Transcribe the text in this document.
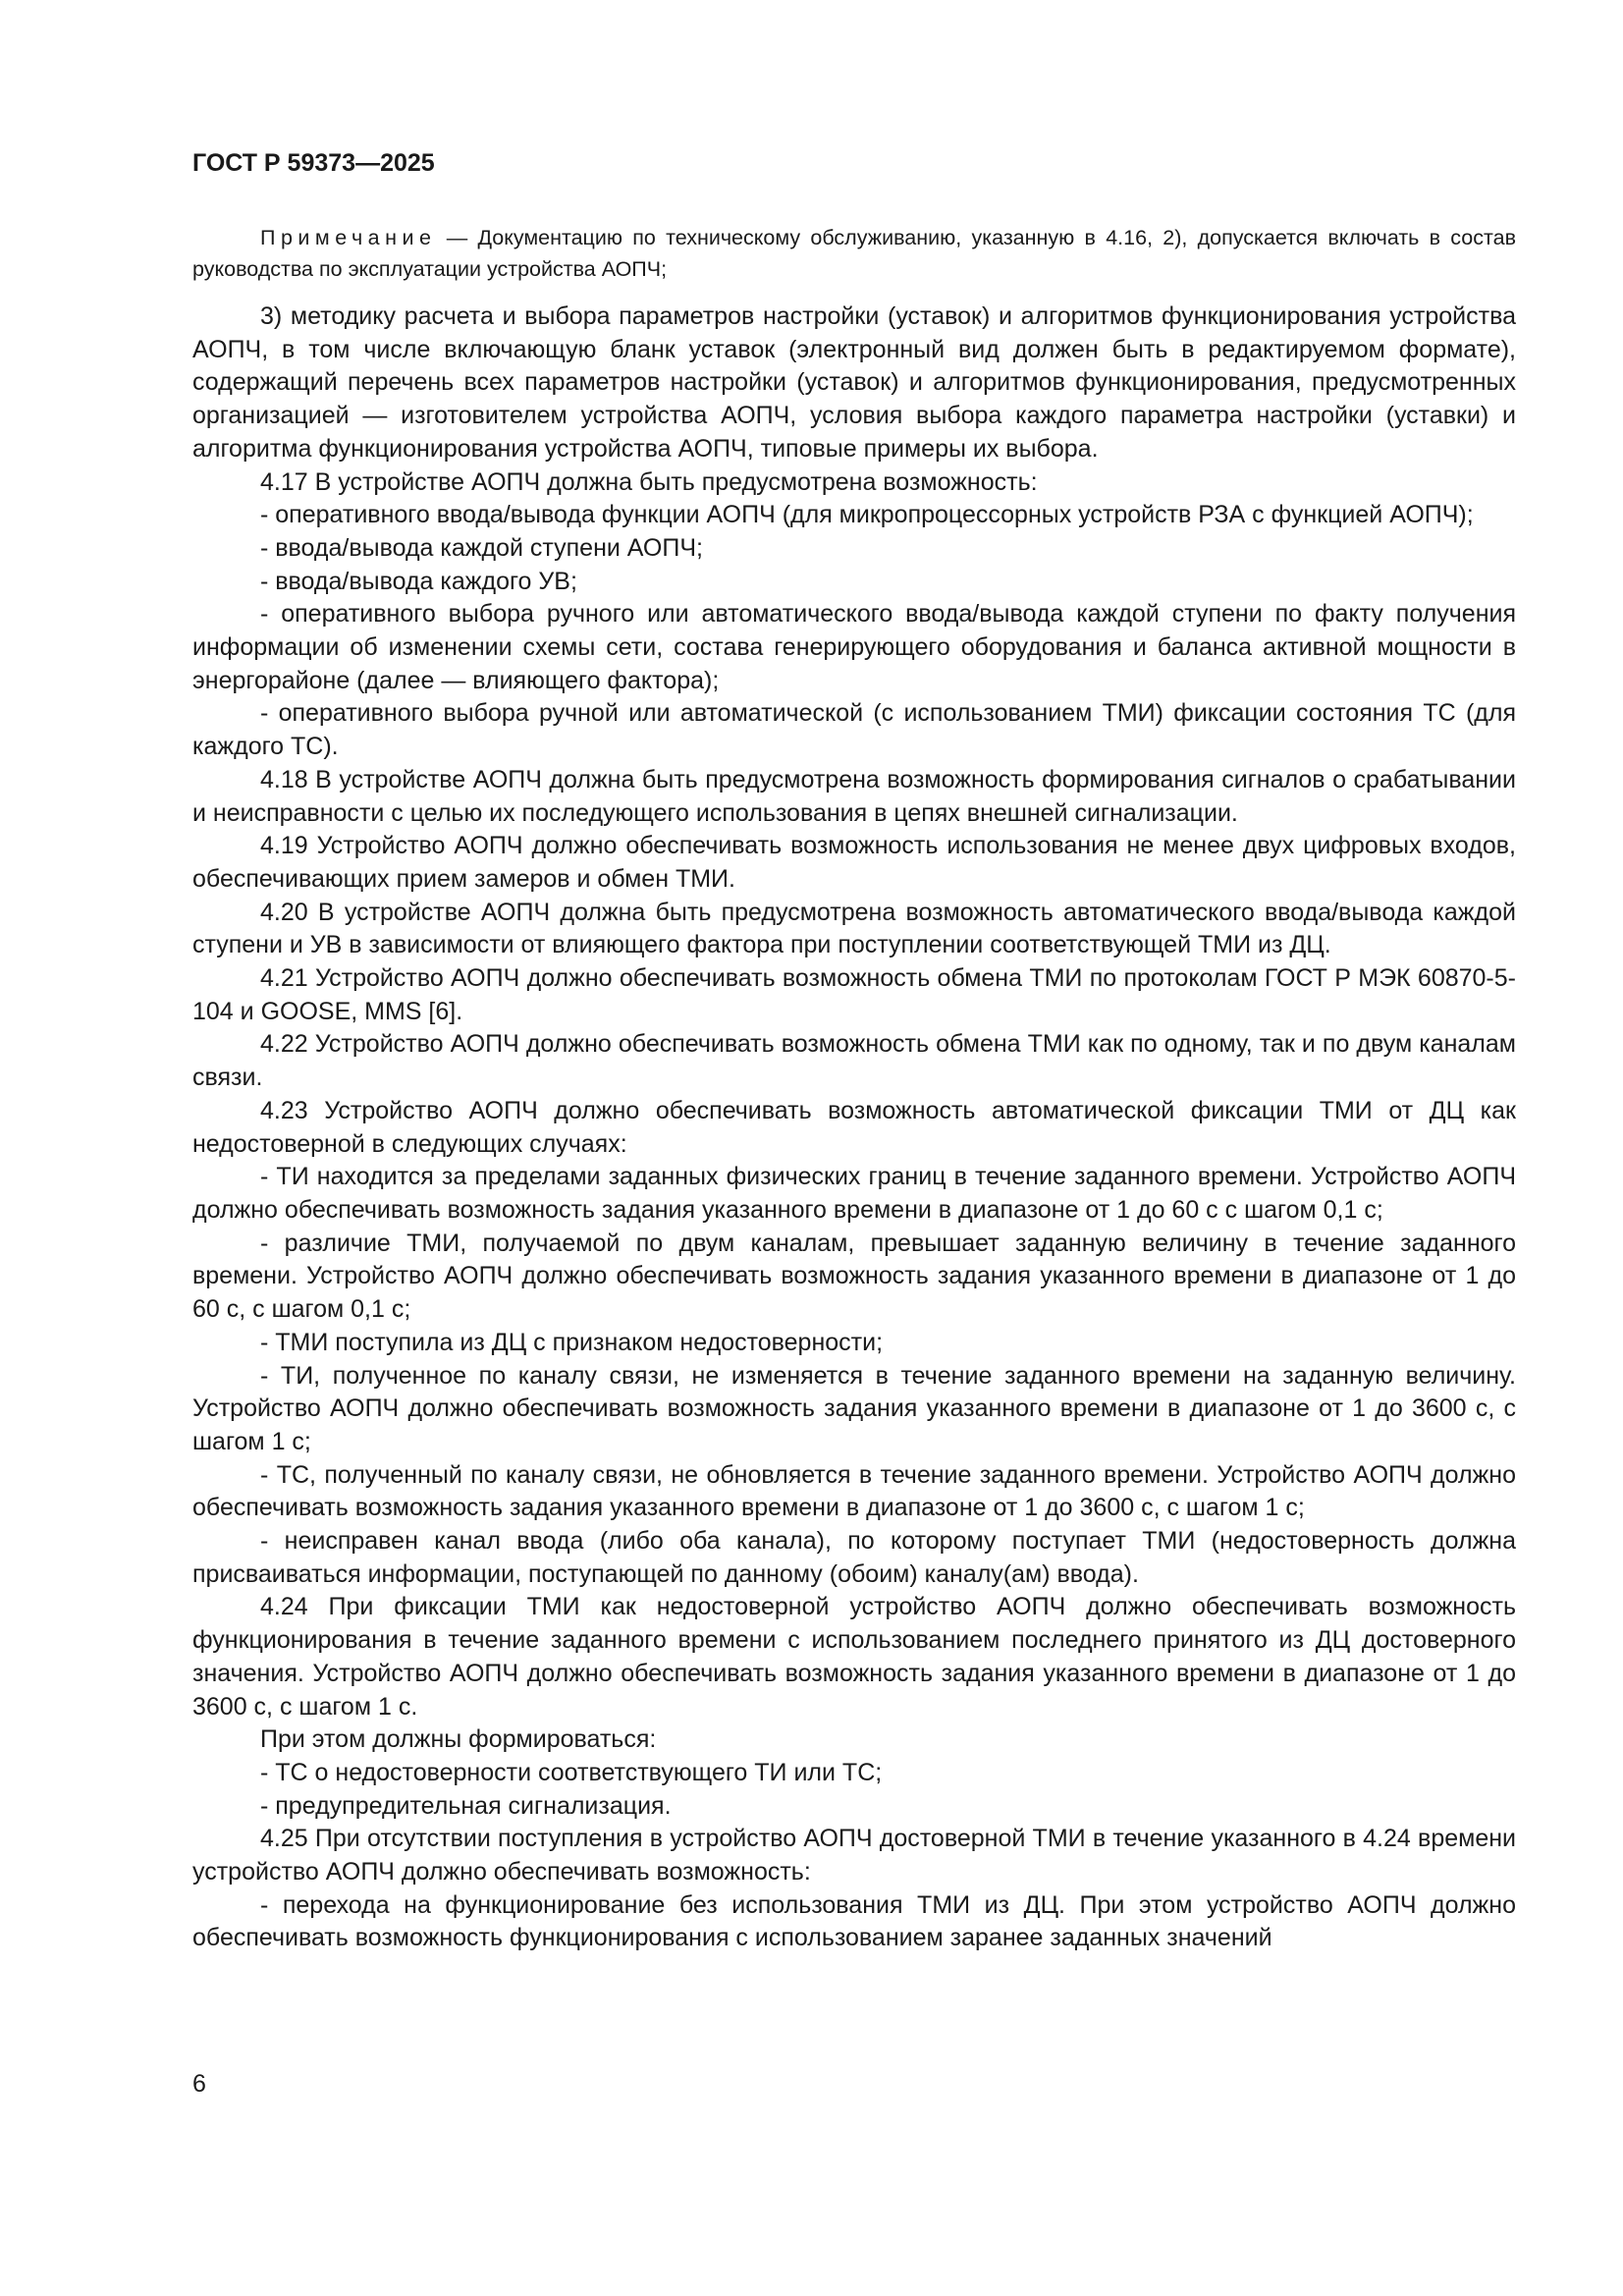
ГОСТ Р 59373—2025

Примечание — Документацию по техническому обслуживанию, указанную в 4.16, 2), допускается включать в состав руководства по эксплуатации устройства АОПЧ;

3) методику расчета и выбора параметров настройки (уставок) и алгоритмов функционирования устройства АОПЧ, в том числе включающую бланк уставок (электронный вид должен быть в редактируемом формате), содержащий перечень всех параметров настройки (уставок) и алгоритмов функционирования, предусмотренных организацией — изготовителем устройства АОПЧ, условия выбора каждого параметра настройки (уставки) и алгоритма функционирования устройства АОПЧ, типовые примеры их выбора.

4.17 В устройстве АОПЧ должна быть предусмотрена возможность:

- оперативного ввода/вывода функции АОПЧ (для микропроцессорных устройств РЗА с функцией АОПЧ);

- ввода/вывода каждой ступени АОПЧ;

- ввода/вывода каждого УВ;

- оперативного выбора ручного или автоматического ввода/вывода каждой ступени по факту получения информации об изменении схемы сети, состава генерирующего оборудования и баланса активной мощности в энергорайоне (далее — влияющего фактора);

- оперативного выбора ручной или автоматической (с использованием ТМИ) фиксации состояния ТС (для каждого ТС).

4.18 В устройстве АОПЧ должна быть предусмотрена возможность формирования сигналов о срабатывании и неисправности с целью их последующего использования в цепях внешней сигнализации.

4.19 Устройство АОПЧ должно обеспечивать возможность использования не менее двух цифровых входов, обеспечивающих прием замеров и обмен ТМИ.

4.20 В устройстве АОПЧ должна быть предусмотрена возможность автоматического ввода/вывода каждой ступени и УВ в зависимости от влияющего фактора при поступлении соответствующей ТМИ из ДЦ.

4.21 Устройство АОПЧ должно обеспечивать возможность обмена ТМИ по протоколам ГОСТ Р МЭК 60870-5-104 и GOOSE, MMS [6].

4.22 Устройство АОПЧ должно обеспечивать возможность обмена ТМИ как по одному, так и по двум каналам связи.

4.23 Устройство АОПЧ должно обеспечивать возможность автоматической фиксации ТМИ от ДЦ как недостоверной в следующих случаях:

- ТИ находится за пределами заданных физических границ в течение заданного времени. Устройство АОПЧ должно обеспечивать возможность задания указанного времени в диапазоне от 1 до 60 с с шагом 0,1 с;

- различие ТМИ, получаемой по двум каналам, превышает заданную величину в течение заданного времени. Устройство АОПЧ должно обеспечивать возможность задания указанного времени в диапазоне от 1 до 60 с, с шагом 0,1 с;

- ТМИ поступила из ДЦ с признаком недостоверности;

- ТИ, полученное по каналу связи, не изменяется в течение заданного времени на заданную величину. Устройство АОПЧ должно обеспечивать возможность задания указанного времени в диапазоне от 1 до 3600 с, с шагом 1 с;

- ТС, полученный по каналу связи, не обновляется в течение заданного времени. Устройство АОПЧ должно обеспечивать возможность задания указанного времени в диапазоне от 1 до 3600 с, с шагом 1 с;

- неисправен канал ввода (либо оба канала), по которому поступает ТМИ (недостоверность должна присваиваться информации, поступающей по данному (обоим) каналу(ам) ввода).

4.24 При фиксации ТМИ как недостоверной устройство АОПЧ должно обеспечивать возможность функционирования в течение заданного времени с использованием последнего принятого из ДЦ достоверного значения. Устройство АОПЧ должно обеспечивать возможность задания указанного времени в диапазоне от 1 до 3600 с, с шагом 1 с.

При этом должны формироваться:

- ТС о недостоверности соответствующего ТИ или ТС;

- предупредительная сигнализация.

4.25 При отсутствии поступления в устройство АОПЧ достоверной ТМИ в течение указанного в 4.24 времени устройство АОПЧ должно обеспечивать возможность:

- перехода на функционирование без использования ТМИ из ДЦ. При этом устройство АОПЧ должно обеспечивать возможность функционирования с использованием заранее заданных значений

6
